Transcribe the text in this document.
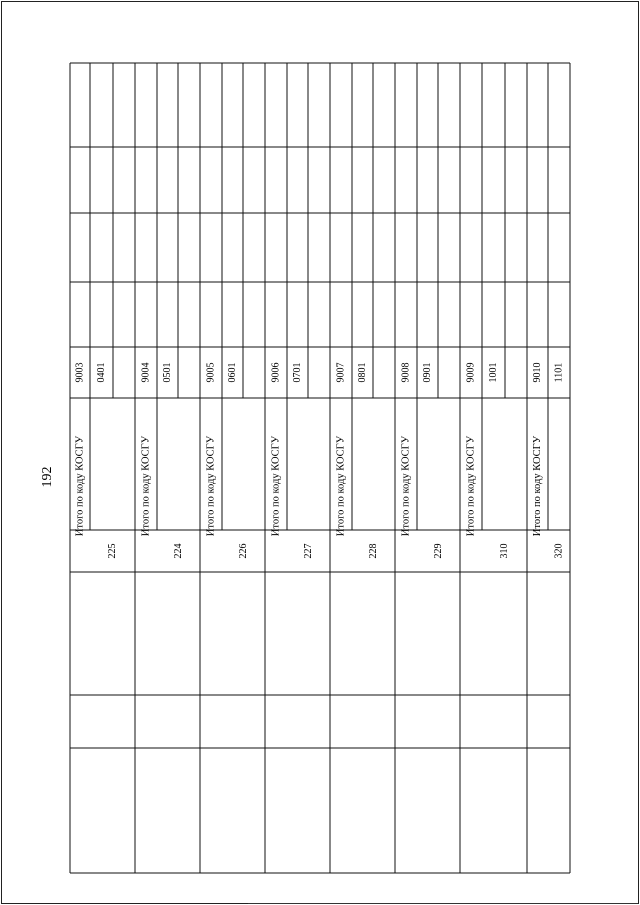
192	Итого по коду КОСГУ
9003 0401
225
Итого по коду КОСГУ
9004 0501
224
Итого по коду КОСГУ
9005 0601
226
Итого по коду КОСГУ
9006 0701
227
Итого по коду КОСГУ
9007 0801
228
Итого по коду КОСГУ
9008 0901
229
Итого по коду КОСГУ
9009 1001
310
Итого по коду КОСГУ
9010 1101
320
